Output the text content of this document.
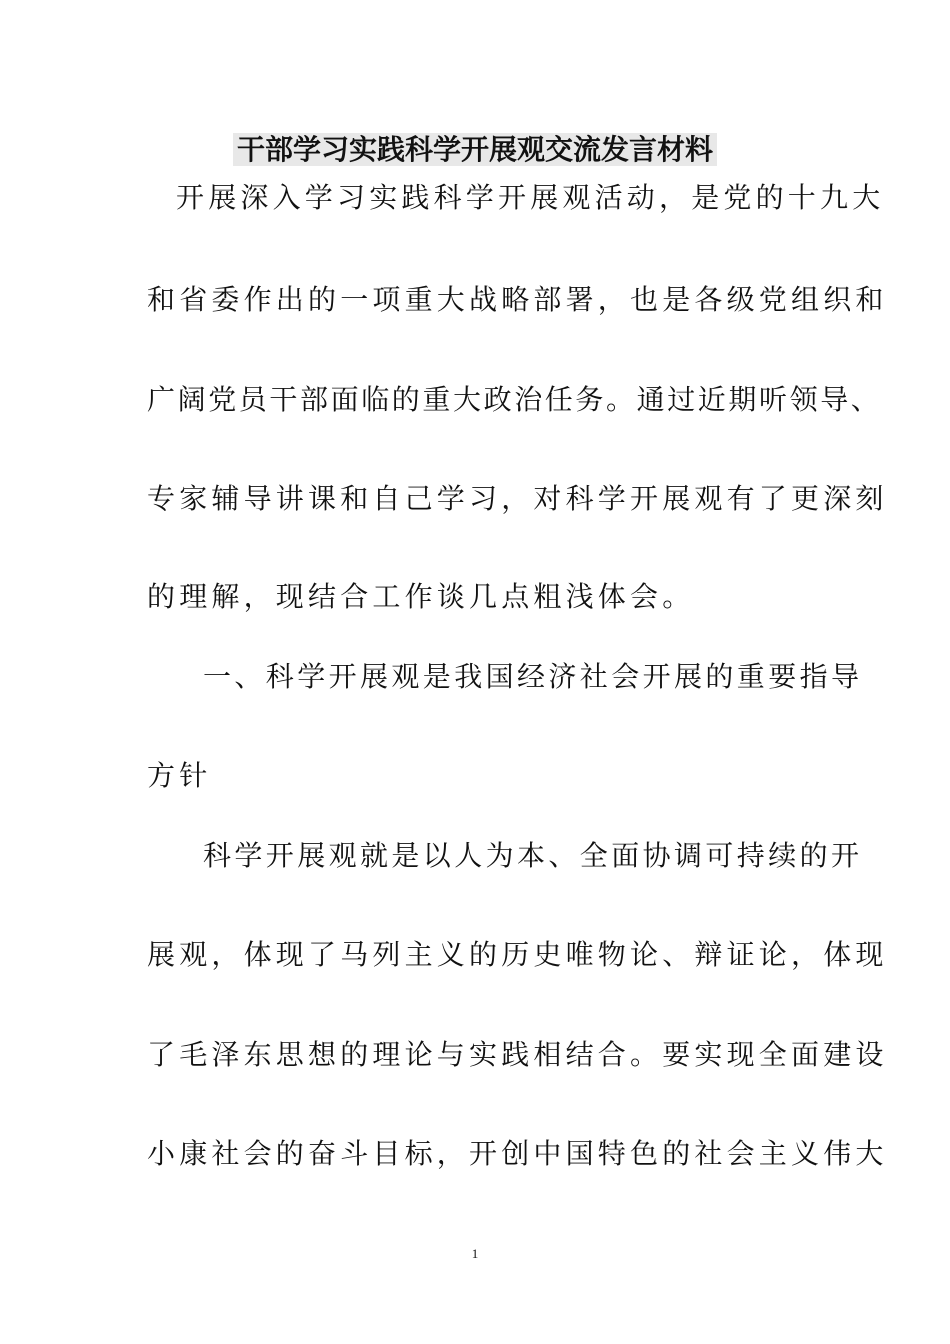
干部学习实践科学开展观交流发言材料
开展深入学习实践科学开展观活动，是党的十九大
和省委作出的一项重大战略部署，也是各级党组织和
广阔党员干部面临的重大政治任务。通过近期听领导、
专家辅导讲课和自己学习，对科学开展观有了更深刻
的理解，现结合工作谈几点粗浅体会。
一、科学开展观是我国经济社会开展的重要指导
方针
科学开展观就是以人为本、全面协调可持续的开
展观，体现了马列主义的历史唯物论、辩证论，体现
了毛泽东思想的理论与实践相结合。要实现全面建设
小康社会的奋斗目标，开创中国特色的社会主义伟大
1
